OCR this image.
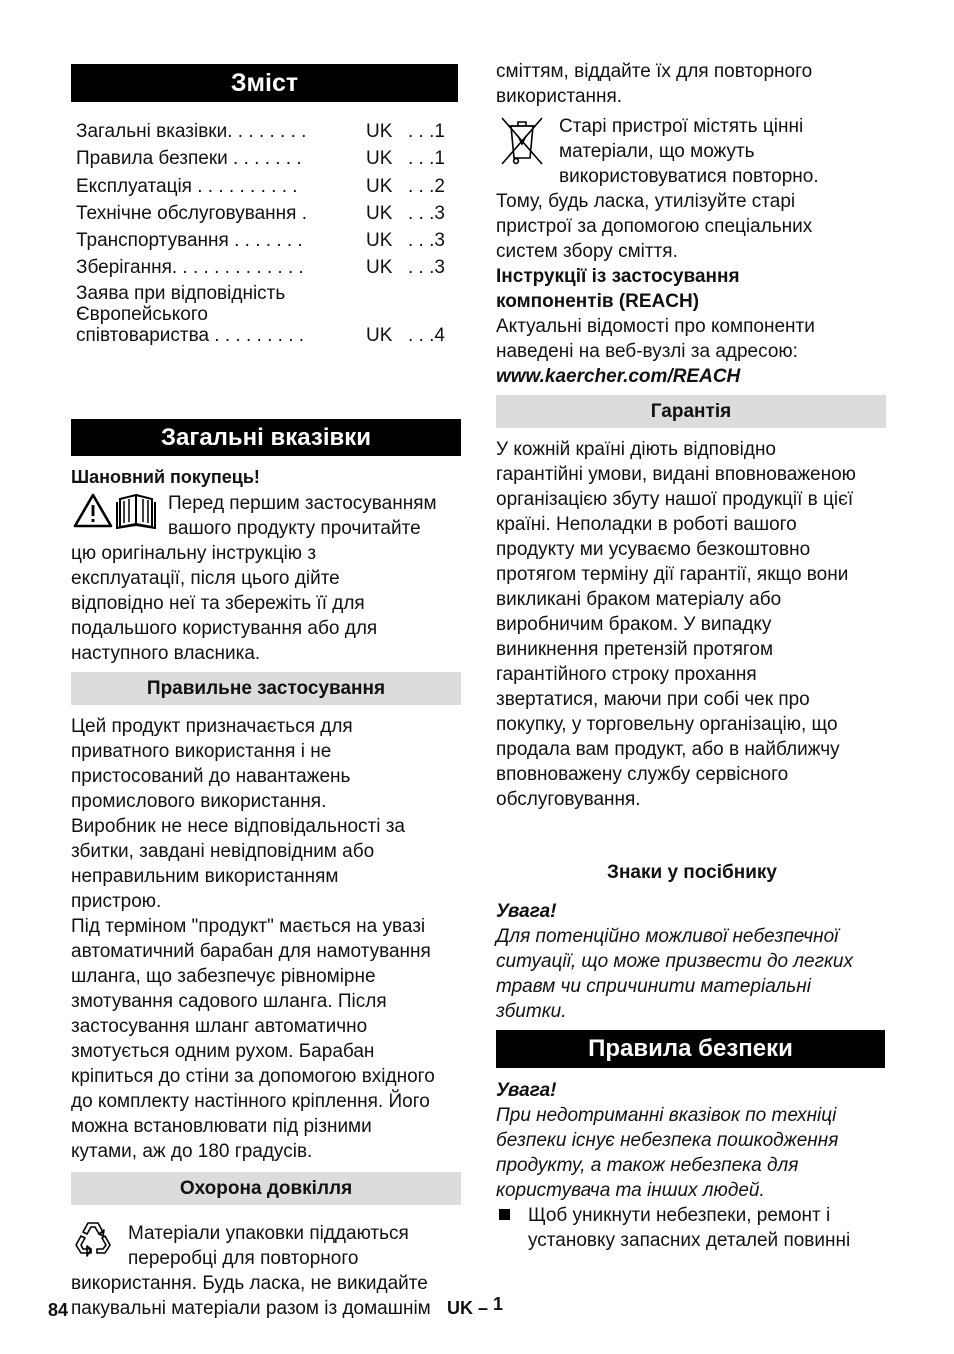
Зміст
Загальні вказівки. . . . . . . .	UK . . .1
Правила безпеки . . . . . . .	UK . . .1
Експлуатація . . . . . . . . . .	UK . . .2
Технічне обслуговування .	UK . . .3
Транспортування . . . . . . .	UK . . .3
Зберігання. . . . . . . . . . . . .	UK . . .3
Заява при відповідність
Європейського
співтовариства . . . . . . . . .	UK . . .4
Загальні вказівки

Шановний покупець!

Перед першим застосуванням

вашого продукту прочитайте

цю оригінальну інструкцію з

експлуатації, після цього дійте

відповідно неї та збережіть її для

подальшого користування або для

наступного власника.

Правильне застосування

Цей продукт призначається для

приватного використання і не

пристосований до навантажень

промислового використання.

Виробник не несе відповідальності за

збитки, завдані невідповідним або

неправильним використанням

пристрою.

Під терміном "продукт" мається на увазі

автоматичний барабан для намотування

шланга, що забезпечує рівномірне

змотування садового шланга. Після

застосування шланг автоматично

змотується одним рухом. Барабан

кріпиться до стіни за допомогою вхідного

до комплекту настінного кріплення. Його

можна встановлювати під різними

кутами, аж до 180 градусів.

Охорона довкілля

Матеріали упаковки піддаються

переробці для повторного

використання. Будь ласка, не викидайте

пакувальні матеріали разом із домашнім

сміттям, віддайте їх для повторного

використання.

Старі пристрої містять цінні

матеріали, що можуть

використовуватися повторно.

Тому, будь ласка, утилізуйте старі

пристрої за допомогою спеціальних

систем збору сміття.

Інструкції із застосування

компонентів (REACH)

Актуальні відомості про компоненти

наведені на веб-вузлі за адресою:

www.kaercher.com/REACH

Гарантія

У кожній країні діють відповідно

гарантійні умови, видані вповноваженою

організацією збуту нашої продукції в цієї

країні. Неполадки в роботі вашого

продукту ми усуваємо безкоштовно

протягом терміну дії гарантії, якщо вони

викликані браком матеріалу або

виробничим браком. У випадку

виникнення претензій протягом

гарантійного строку прохання

звертатися, маючи при собі чек про

покупку, у торговельну організацію, що

продала вам продукт, або в найближчу

вповноважену службу сервісного

обслуговування.

Знаки у посібнику

Увага!

Для потенційно можливої небезпечної

ситуації, що може призвести до легких

травм чи спричинити матеріальні

збитки.

Правила безпеки

Увага!

При недотриманні вказівок по техніці

безпеки існує небезпека пошкодження

продукту, а також небезпека для

користувача та інших людей.

Щоб уникнути небезпеки, ремонт і

установку запасних деталей повинні

84	UK – 1
